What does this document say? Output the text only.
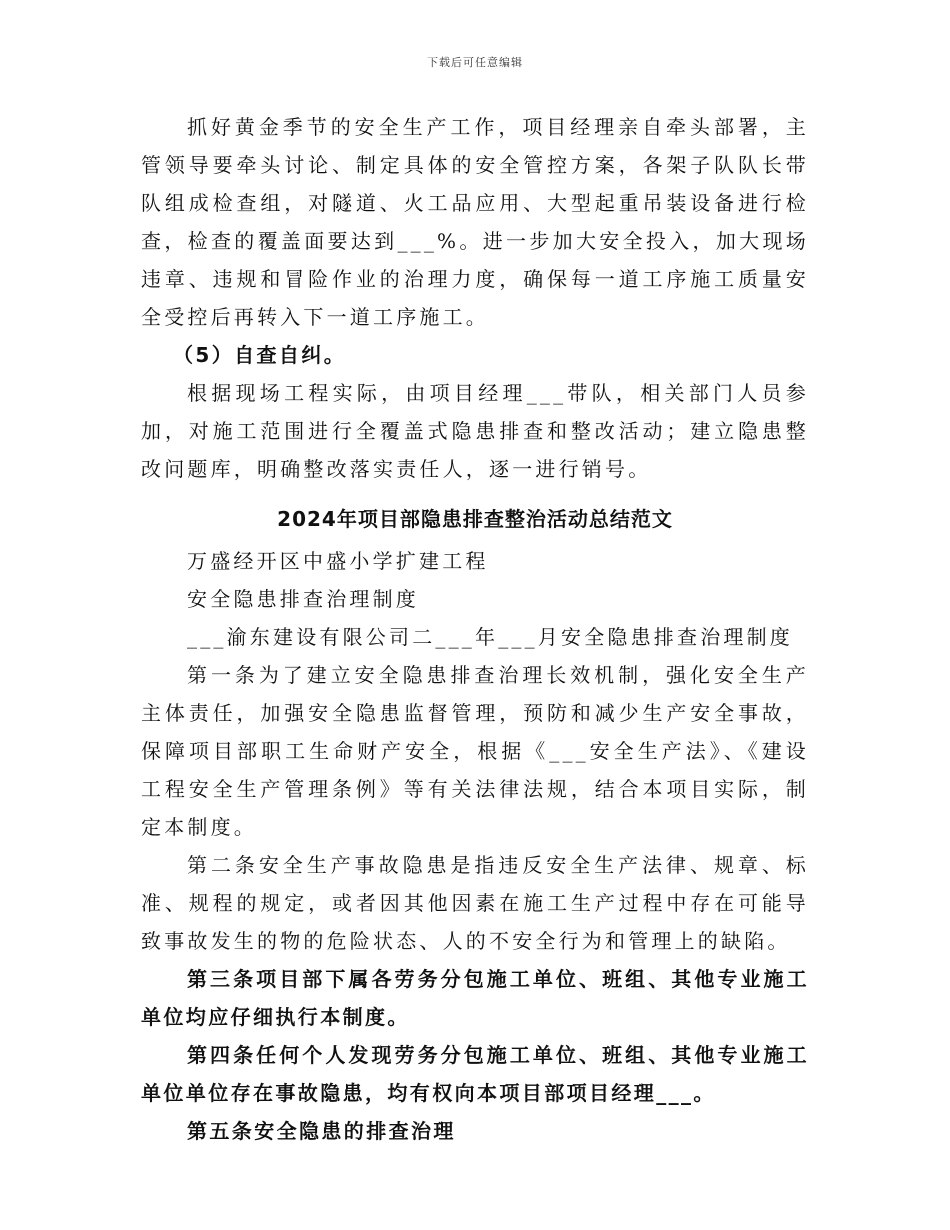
下载后可任意编辑

抓好黄金季节的安全生产工作，项目经理亲自牵头部署，主管领导要牵头讨论、制定具体的安全管控方案，各架子队队长带队组成检查组，对隧道、火工品应用、大型起重吊装设备进行检查，检查的覆盖面要达到___%。进一步加大安全投入，加大现场违章、违规和冒险作业的治理力度，确保每一道工序施工质量安全受控后再转入下一道工序施工。

（5）自查自纠。

根据现场工程实际，由项目经理___带队，相关部门人员参加，对施工范围进行全覆盖式隐患排查和整改活动；建立隐患整改问题库，明确整改落实责任人，逐一进行销号。

2024年项目部隐患排查整治活动总结范文

万盛经开区中盛小学扩建工程

安全隐患排查治理制度

___渝东建设有限公司二___年___月安全隐患排查治理制度

第一条为了建立安全隐患排查治理长效机制，强化安全生产主体责任，加强安全隐患监督管理，预防和减少生产安全事故，保障项目部职工生命财产安全，根据《___安全生产法》、《建设工程安全生产管理条例》等有关法律法规，结合本项目实际，制定本制度。

第二条安全生产事故隐患是指违反安全生产法律、规章、标准、规程的规定，或者因其他因素在施工生产过程中存在可能导致事故发生的物的危险状态、人的不安全行为和管理上的缺陷。

第三条项目部下属各劳务分包施工单位、班组、其他专业施工单位均应仔细执行本制度。

第四条任何个人发现劳务分包施工单位、班组、其他专业施工单位单位存在事故隐患，均有权向本项目部项目经理___。

第五条安全隐患的排查治理
